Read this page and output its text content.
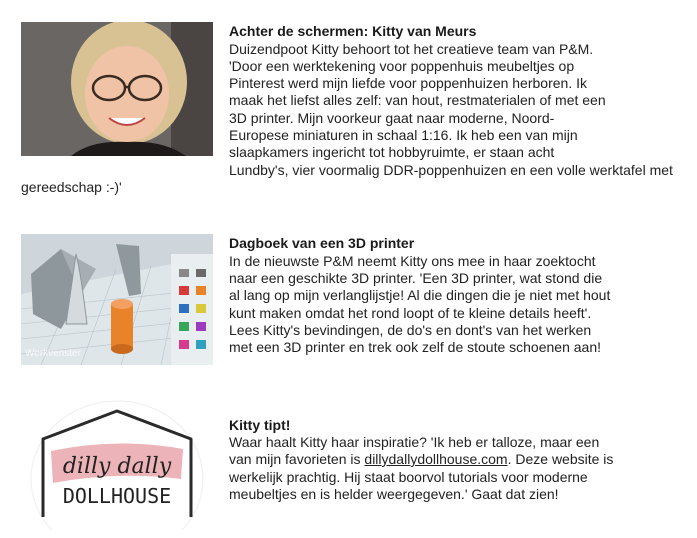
Achter de schermen: Kitty van Meurs
Duizendpoot Kitty behoort tot het creatieve team van P&M.
'Door een werktekening voor poppenhuis meubeltjes op
Pinterest werd mijn liefde voor poppenhuizen herboren. Ik
maak het liefst alles zelf: van hout, restmaterialen of met een
3D printer. Mijn voorkeur gaat naar moderne, Noord-
Europese miniaturen in schaal 1:16. Ik heb een van mijn
slaapkamers ingericht tot hobbyruimte, er staan acht
Lundby's, vier voormalig DDR-poppenhuizen en een volle werktafel met
gereedschap :-)'
Werkvenster
Dagboek van een 3D printer
In de nieuwste P&M neemt Kitty ons mee in haar zoektocht
naar een geschikte 3D printer. 'Een 3D printer, wat stond die
al lang op mijn verlanglijstje! Al die dingen die je niet met hout
kunt maken omdat het rond loopt of te kleine details heeft'.
Lees Kitty's bevindingen, de do's en dont's van het werken
met een 3D printer en trek ook zelf de stoute schoenen aan!
dilly dally
DOLLHOUSE
Kitty tipt!
Waar haalt Kitty haar inspiratie? 'Ik heb er talloze, maar een
van mijn favorieten is dillydallydollhouse.com. Deze website is
werkelijk prachtig. Hij staat boorvol tutorials voor moderne
meubeltjes en is helder weergegeven.' Gaat dat zien!
